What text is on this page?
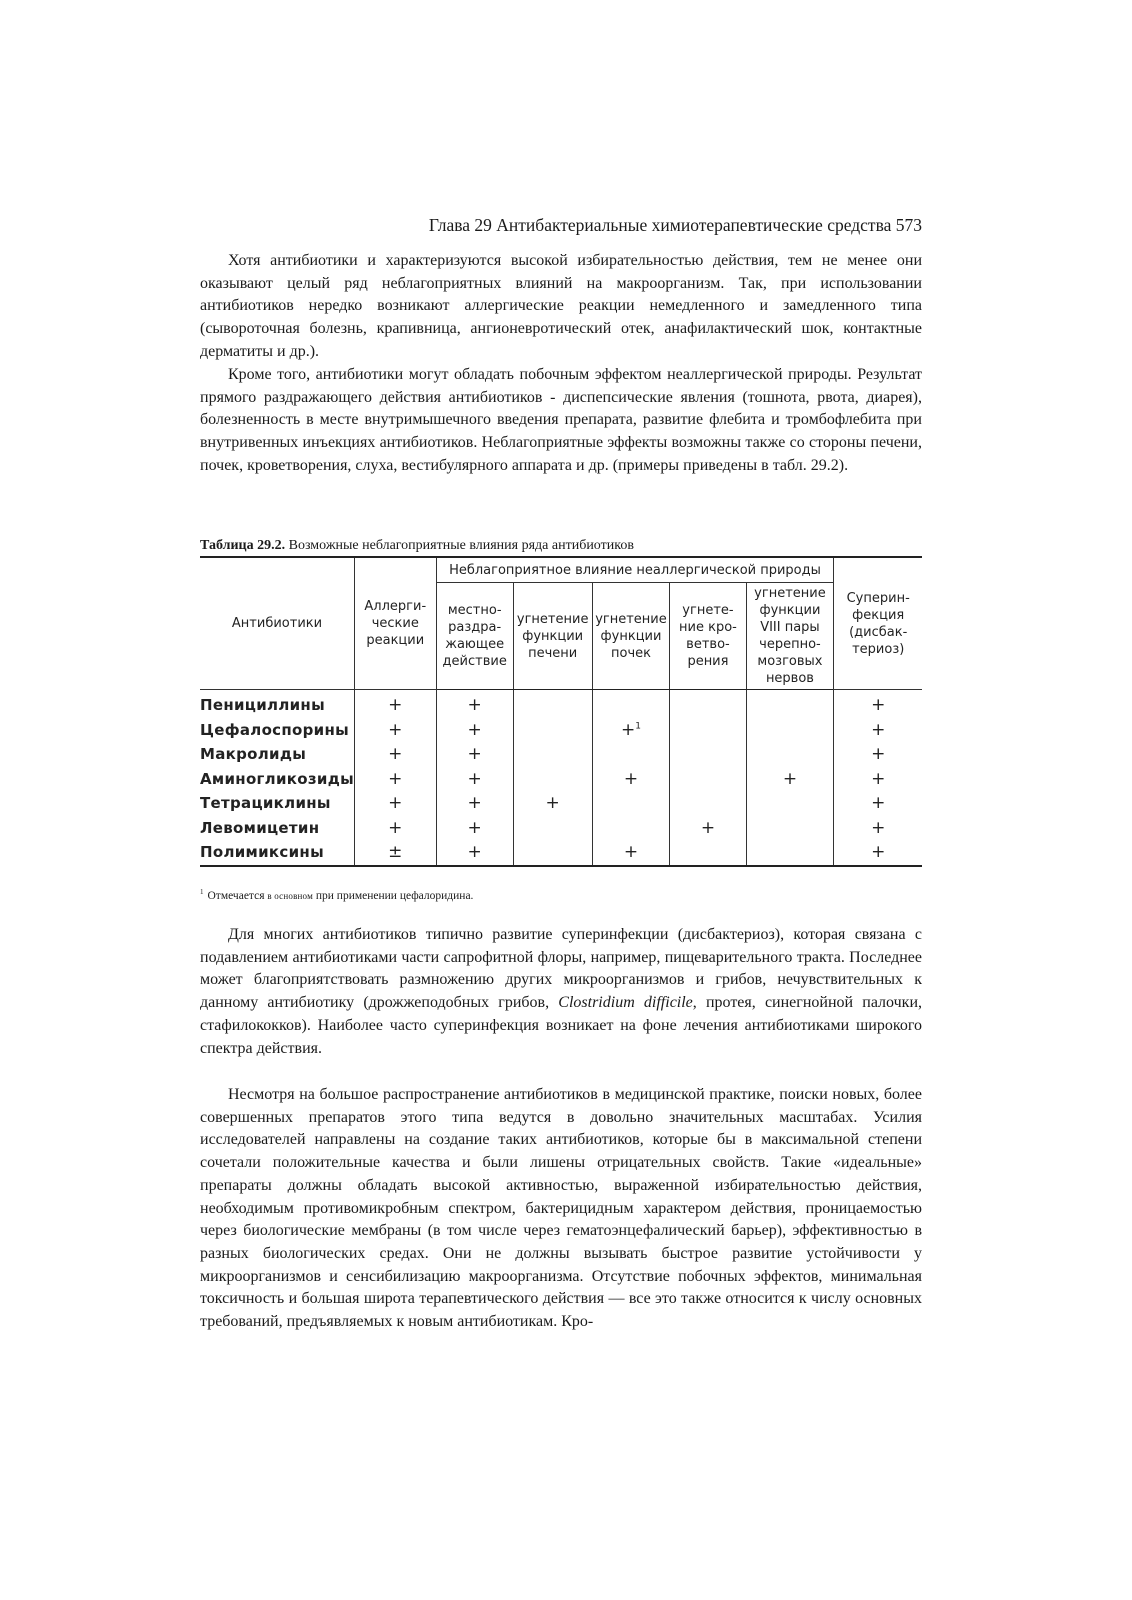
Глава 29 Антибактериальные химиотерапевтические средства 573

Хотя антибиотики и характеризуются высокой избирательностью действия, тем не менее они оказывают целый ряд неблагоприятных влияний на макроорганизм. Так, при использовании антибиотиков нередко возникают аллергические реакции немедленного и замедленного типа (сывороточная болезнь, крапивница, ангионевротический отек, анафилактический шок, контактные дерматиты и др.).

Кроме того, антибиотики могут обладать побочным эффектом неаллергической природы. Результат прямого раздражающего действия антибиотиков - диспепсические явления (тошнота, рвота, диарея), болезненность в месте внутримышечного введения препарата, развитие флебита и тромбофлебита при внутривенных инъекциях антибиотиков. Неблагоприятные эффекты возможны также со стороны печени, почек, кроветворения, слуха, вестибулярного аппарата и др. (примеры приведены в табл. 29.2).

Таблица 29.2. Возможные неблагоприятные влияния ряда антибиотиков
Антибиотики	Аллергические реакции	Неблагоприятное влияние неаллергической природы					Суперинфекция (дисбактериоз)
		местнораздражающее действие	угнетение функции печени	угнетение функции почек	угнетение кроветворения	угнетение функции VIII пары черепномозговых нервов	
Пенициллины	+	+					+
Цефалоспорины	+	+		+$^1$			+
Макролиды	+	+					+
Аминогликозиды	+	+		+		+	+
Тетрациклины	+	+	+				+
Левомицетин	+	+			+		+
Полимиксины	±	+		+			+
$^1$ Отмечается в основном при применении цефалоридина.

Для многих антибиотиков типично развитие суперинфекции (дисбактериоз), которая связана с подавлением антибиотиками части сапрофитной флоры, например, пищеварительного тракта. Последнее может благоприятствовать размножению других микроорганизмов и грибов, нечувствительных к данному антибиотику (дрожжеподобных грибов, Clostridium difficile, протея, синегнойной палочки, стафилококков). Наиболее часто суперинфекция возникает на фоне лечения антибиотиками широкого спектра действия.

Несмотря на большое распространение антибиотиков в медицинской практике, поиски новых, более совершенных препаратов этого типа ведутся в довольно значительных масштабах. Усилия исследователей направлены на создание таких антибиотиков, которые бы в максимальной степени сочетали положительные качества и были лишены отрицательных свойств. Такие «идеальные» препараты должны обладать высокой активностью, выраженной избирательностью действия, необходимым противомикробным спектром, бактерицидным характером действия, проницаемостью через биологические мембраны (в том числе через гематоэнцефалический барьер), эффективностью в разных биологических средах. Они не должны вызывать быстрое развитие устойчивости у микроорганизмов и сенсибилизацию макроорганизма. Отсутствие побочных эффектов, минимальная токсичность и большая широта терапевтического действия — все это также относится к числу основных требований, предъявляемых к новым антибиотикам. Кро-
